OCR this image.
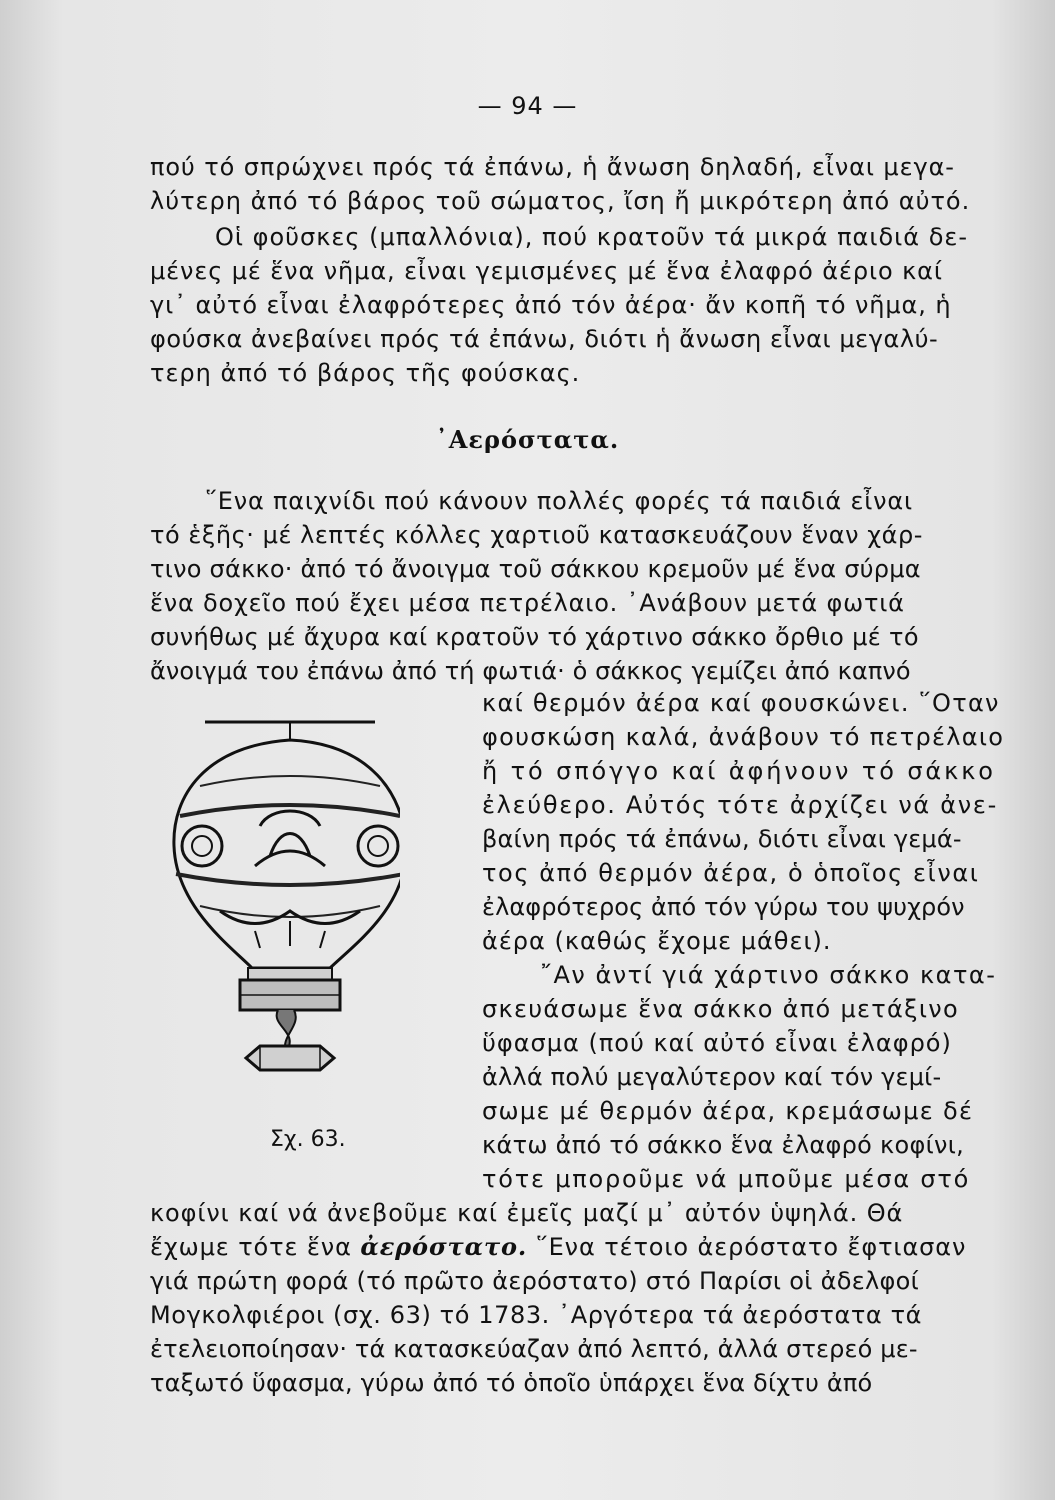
— 94 —
πού τό σπρώχνει πρός τά ἐπάνω, ἡ ἄνωση δηλαδή, εἶναι μεγα-
λύτερη ἀπό τό βάρος τοῦ σώματος, ἴση ἤ μικρότερη ἀπό αὐτό.
Οἱ φοῦσκες (μπαλλόνια), πού κρατοῦν τά μικρά παιδιά δε-
μένες μέ ἕνα νῆμα, εἶναι γεμισμένες μέ ἕνα ἐλαφρό ἀέριο καί
γι᾽ αὐτό εἶναι ἐλαφρότερες ἀπό τόν ἀέρα· ἄν κοπῆ τό νῆμα, ἡ
φούσκα ἀνεβαίνει πρός τά ἐπάνω, διότι ἡ ἄνωση εἶναι μεγαλύ-
τερη ἀπό τό βάρος τῆς φούσκας.
᾿Αερόστατα.
῞Ενα παιχνίδι πού κάνουν πολλές φορές τά παιδιά εἶναι
τό ἑξῆς· μέ λεπτές κόλλες χαρτιοῦ κατασκευάζουν ἕναν χάρ-
τινο σάκκο· ἀπό τό ἄνοιγμα τοῦ σάκκου κρεμοῦν μέ ἕνα σύρμα
ἕνα δοχεῖο πού ἔχει μέσα πετρέλαιο. ᾿Ανάβουν μετά φωτιά
συνήθως μέ ἄχυρα καί κρατοῦν τό χάρτινο σάκκο ὄρθιο μέ τό
ἄνοιγμά του ἐπάνω ἀπό τή φωτιά· ὁ σάκκος γεμίζει ἀπό καπνό
καί θερμόν ἀέρα καί φουσκώνει. ῞Οταν
φουσκώση καλά, ἀνάβουν τό πετρέλαιο
ἤ τό σπόγγο καί ἀφήνουν τό σάκκο
ἐλεύθερο. Αὐτός τότε ἀρχίζει νά ἀνε-
βαίνη πρός τά ἐπάνω, διότι εἶναι γεμά-
τος ἀπό θερμόν ἀέρα, ὁ ὁποῖος εἶναι
ἐλαφρότερος ἀπό τόν γύρω του ψυχρόν
ἀέρα (καθώς ἔχομε μάθει).
῎Αν ἀντί γιά χάρτινο σάκκο κατα-
σκευάσωμε ἕνα σάκκο ἀπό μετάξινο
ὕφασμα (πού καί αὐτό εἶναι ἐλαφρό)
ἀλλά πολύ μεγαλύτερον καί τόν γεμί-
σωμε μέ θερμόν ἀέρα, κρεμάσωμε δέ
κάτω ἀπό τό σάκκο ἕνα ἐλαφρό κοφίνι,
τότε μποροῦμε νά μποῦμε μέσα στό
κοφίνι καί νά ἀνεβοῦμε καί ἐμεῖς μαζί μ᾽ αὐτόν ὑψηλά. Θά
ἔχωμε τότε ἕνα ἀερόστατο. ῞Ενα τέτοιο ἀερόστατο ἔφτιασαν
γιά πρώτη φορά (τό πρῶτο ἀερόστατο) στό Παρίσι οἱ ἀδελφοί
Μογκολφιέροι (σχ. 63) τό 1783. ᾿Αργότερα τά ἀερόστατα τά
ἐτελειοποίησαν· τά κατασκεύαζαν ἀπό λεπτό, ἀλλά στερεό με-
ταξωτό ὕφασμα, γύρω ἀπό τό ὁποῖο ὑπάρχει ἕνα δίχτυ ἀπό
Σχ. 63.
